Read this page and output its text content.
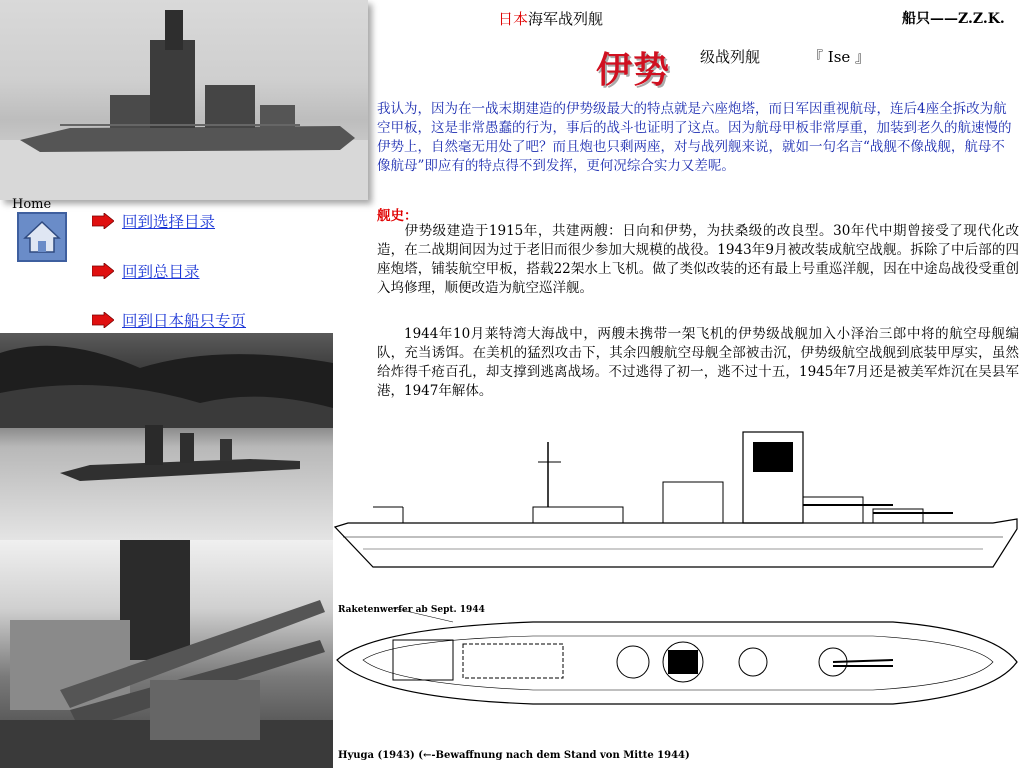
日本海军战列舰	船只——Z.Z.K.
伊势 级战列舰	『 Ise 』
我认为，因为在一战末期建造的伊势级最大的特点就是六座炮塔，而日军因重视航母，连后4座全拆改为航空甲板，这是非常愚蠢的行为，事后的战斗也证明了这点。因为航母甲板非常厚重，加装到老久的航速慢的伊势上，自然毫无用处了吧？而且炮也只剩两座，对与战列舰来说，就如一句名言“战舰不像战舰，航母不像航母”即应有的特点得不到发挥，更何况综合实力又差呢。
舰史：
伊势级建造于1915年，共建两艘：日向和伊势，为扶桑级的改良型。30年代中期曾接受了现代化改造，在二战期间因为过于老旧而很少参加大规模的战役。1943年9月被改装成航空战舰。拆除了中后部的四座炮塔，铺装航空甲板，搭载22架水上飞机。做了类似改装的还有最上号重巡洋舰，因在中途岛战役受重创入坞修理，顺便改造为航空巡洋舰。
1944年10月莱特湾大海战中，两艘未携带一架飞机的伊势级战舰加入小泽治三郎中将的航空母舰编队，充当诱饵。在美机的猛烈攻击下，其余四艘航空母舰全部被击沉，伊势级航空战舰到底装甲厚实，虽然给炸得千疮百孔，却支撑到逃离战场。不过逃得了初一，逃不过十五，1945年7月还是被美军炸沉在吴县军港，1947年解体。
Home
回到选择目录
回到总目录
回到日本船只专页
Raketenwerfer ab Sept. 1944
Hyuga (1943) (←-Bewaffnung nach dem Stand von Mitte 1944)
